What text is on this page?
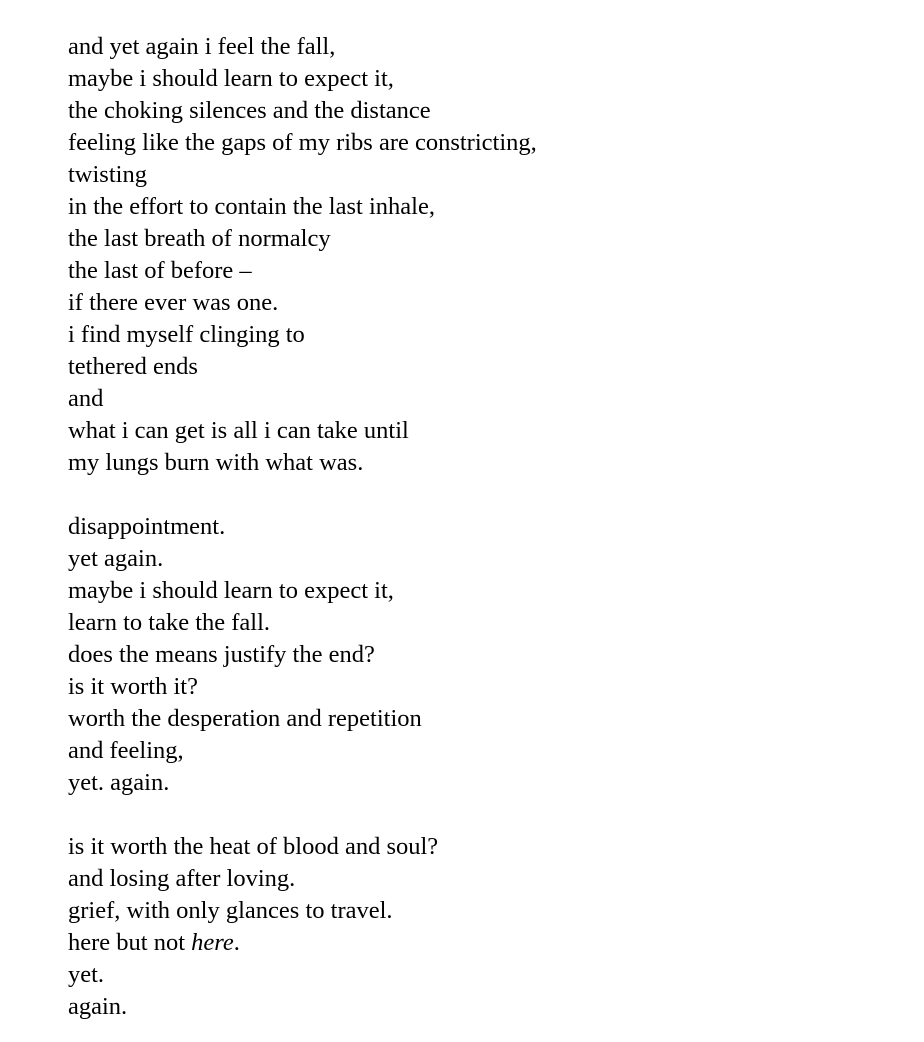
and yet again i feel the fall,
maybe i should learn to expect it,
the choking silences and the distance
feeling like the gaps of my ribs are constricting,
twisting
in the effort to contain the last inhale,
the last breath of normalcy
the last of before –
if there ever was one.
i find myself clinging to
tethered ends
and
what i can get is all i can take until
my lungs burn with what was.
disappointment.
yet again.
maybe i should learn to expect it,
learn to take the fall.
does the means justify the end?
is it worth it?
worth the desperation and repetition
and feeling,
yet. again.
is it worth the heat of blood and soul?
and losing after loving.
grief, with only glances to travel.
here but not here.
yet.
again.
